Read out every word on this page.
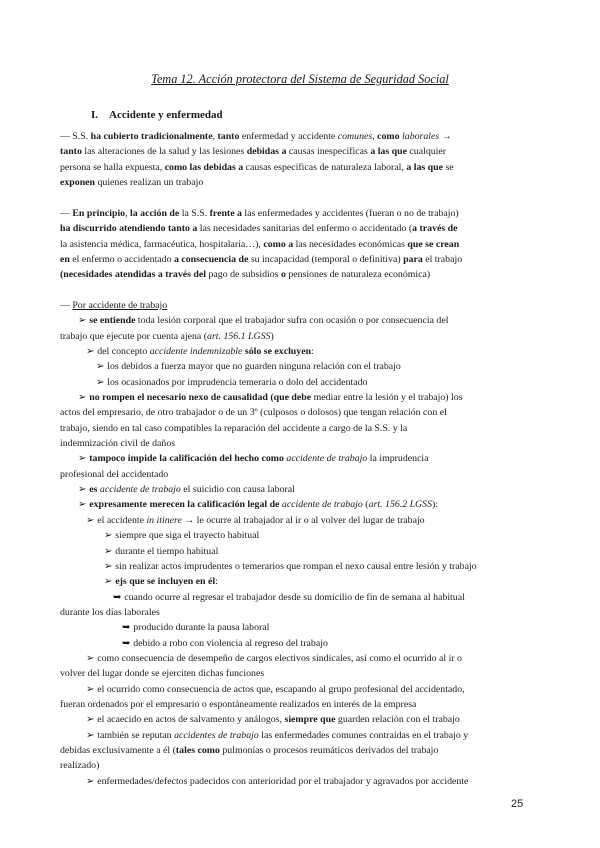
Tema 12. Acción protectora del Sistema de Seguridad Social
I. Accidente y enfermedad
— S.S. ha cubierto tradicionalmente, tanto enfermedad y accidente comunes, como laborales →
tanto las alteraciones de la salud y las lesiones debidas a causas inespecíficas a las que cualquier
persona se halla expuesta, como las debidas a causas específicas de naturaleza laboral, a las que se
exponen quienes realizan un trabajo
— En principio, la acción de la S.S. frente a las enfermedades y accidentes (fueran o no de trabajo)
ha discurrido atendiendo tanto a las necesidades sanitarias del enfermo o accidentado (a través de
la asistencia médica, farmacéutica, hospitalaria…), como a las necesidades económicas que se crean
en el enfermo o accidentado a consecuencia de su incapacidad (temporal o definitiva) para el trabajo
(necesidades atendidas a través del pago de subsidios o pensiones de naturaleza económica)
— Por accidente de trabajo
➢ se entiende toda lesión corporal que el trabajador sufra con ocasión o por consecuencia del
trabajo que ejecute por cuenta ajena (art. 156.1 LGSS)
➢ del concepto accidente indemnizable sólo se excluyen:
➢ los debidos a fuerza mayor que no guarden ninguna relación con el trabajo
➢ los ocasionados por imprudencia temeraria o dolo del accidentado
➢ no rompen el necesario nexo de causalidad (que debe mediar entre la lesión y el trabajo) los
actos del empresario, de otro trabajador o de un 3º (culposos o dolosos) que tengan relación con el
trabajo, siendo en tal caso compatibles la reparación del accidente a cargo de la S.S. y la
indemnización civil de daños
➢ tampoco impide la calificación del hecho como accidente de trabajo la imprudencia
profesional del accidentado
➢ es accidente de trabajo el suicidio con causa laboral
➢ expresamente merecen la calificación legal de accidente de trabajo (art. 156.2 LGSS):
➢ el accidente in itinere → le ocurre al trabajador al ir o al volver del lugar de trabajo
➢ siempre que siga el trayecto habitual
➢ durante el tiempo habitual
➢ sin realizar actos imprudentes o temerarios que rompan el nexo causal entre lesión y trabajo
➢ ejs que se incluyen en él:
➥ cuando ocurre al regresar el trabajador desde su domicilio de fin de semana al habitual
durante los días laborales
➥ producido durante la pausa laboral
➥ debido a robo con violencia al regreso del trabajo
➢ como consecuencia de desempeño de cargos electivos sindicales, así como el ocurrido al ir o
volver del lugar donde se ejerciten dichas funciones
➢ el ocurrido como consecuencia de actos que, escapando al grupo profesional del accidentado,
fueran ordenados por el empresario o espontáneamente realizados en interés de la empresa
➢ el acaecido en actos de salvamento y análogos, siempre que guarden relación con el trabajo
➢ también se reputan accidentes de trabajo las enfermedades comunes contraídas en el trabajo y
debidas exclusivamente a él (tales como pulmonías o procesos reumáticos derivados del trabajo
realizado)
➢ enfermedades/defectos padecidos con anterioridad por el trabajador y agravados por accidente
25
